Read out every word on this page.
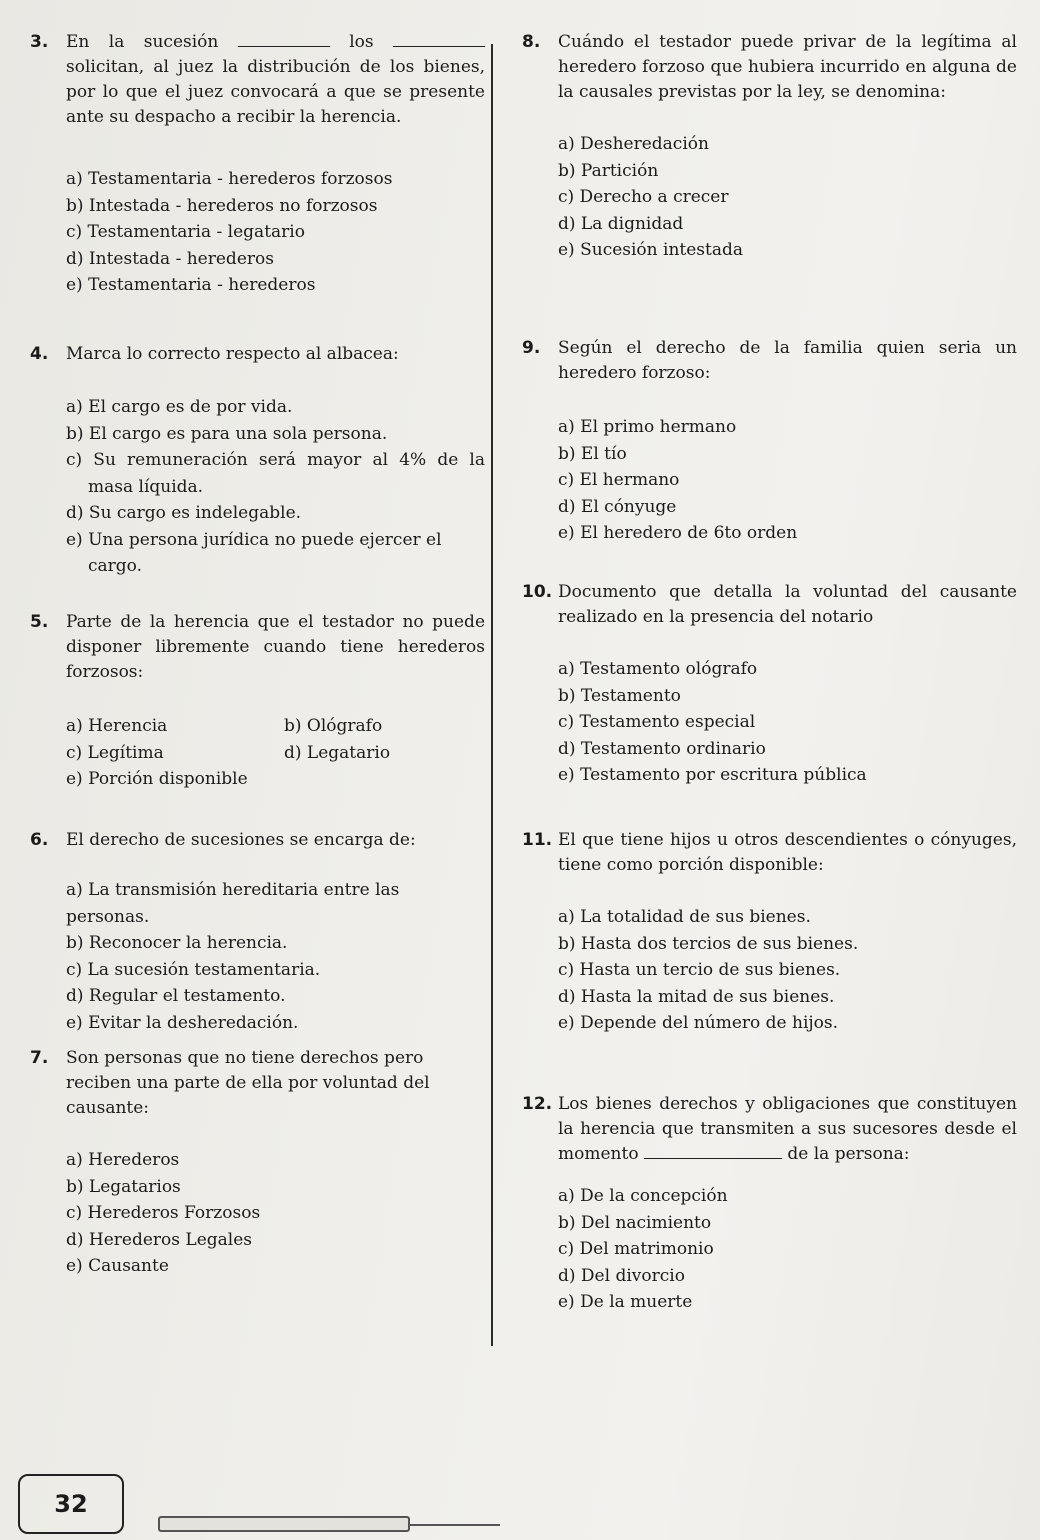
3. En la sucesión	los  solicitan, al juez la distribución de los bienes, por lo que el juez convocará a que se presente ante su despacho a recibir la herencia.
a) Testamentaria - herederos forzosos
b) Intestada - herederos no forzosos
c) Testamentaria - legatario
d) Intestada - herederos
e) Testamentaria - herederos
4. Marca lo correcto respecto al albacea:
a) El cargo es de por vida.
b) El cargo es para una sola persona.
c) Su remuneración será mayor al 4% de la masa líquida.
d) Su cargo es indelegable.
e) Una persona jurídica no puede ejercer el cargo.
5. Parte de la herencia que el testador no puede disponer libremente cuando tiene herederos forzosos:
a) Herencia	b) Ológrafo
c) Legítima	d) Legatario
e) Porción disponible
6. El derecho de sucesiones se encarga de:
a) La transmisión hereditaria entre las personas.
b) Reconocer la herencia.
c) La sucesión testamentaria.
d) Regular el testamento.
e) Evitar la desheredación.
7. Son personas que no tiene derechos pero reciben una parte de ella por voluntad del causante:
a) Herederos
b) Legatarios
c) Herederos Forzosos
d) Herederos Legales
e) Causante
8. Cuándo el testador puede privar de la legítima al heredero forzoso que hubiera incurrido en alguna de la causales previstas por la ley, se denomina:
a) Desheredación
b) Partición
c) Derecho a crecer
d) La dignidad
e) Sucesión intestada
9. Según el derecho de la familia quien seria un heredero forzoso:
a) El primo hermano
b) El tío
c) El hermano
d) El cónyuge
e) El heredero de 6to orden
10. Documento que detalla la voluntad del causante realizado en la presencia del notario
a) Testamento ológrafo
b) Testamento
c) Testamento especial
d) Testamento ordinario
e) Testamento por escritura pública
11. El que tiene hijos u otros descendientes o cónyuges, tiene como porción disponible:
a) La totalidad de sus bienes.
b) Hasta dos tercios de sus bienes.
c) Hasta un tercio de sus bienes.
d) Hasta la mitad de sus bienes.
e) Depende del número de hijos.
12. Los bienes derechos y obligaciones que constituyen la herencia que transmiten a sus sucesores desde el momento	de la persona:
a) De la concepción
b) Del nacimiento
c) Del matrimonio
d) Del divorcio
e) De la muerte
32
